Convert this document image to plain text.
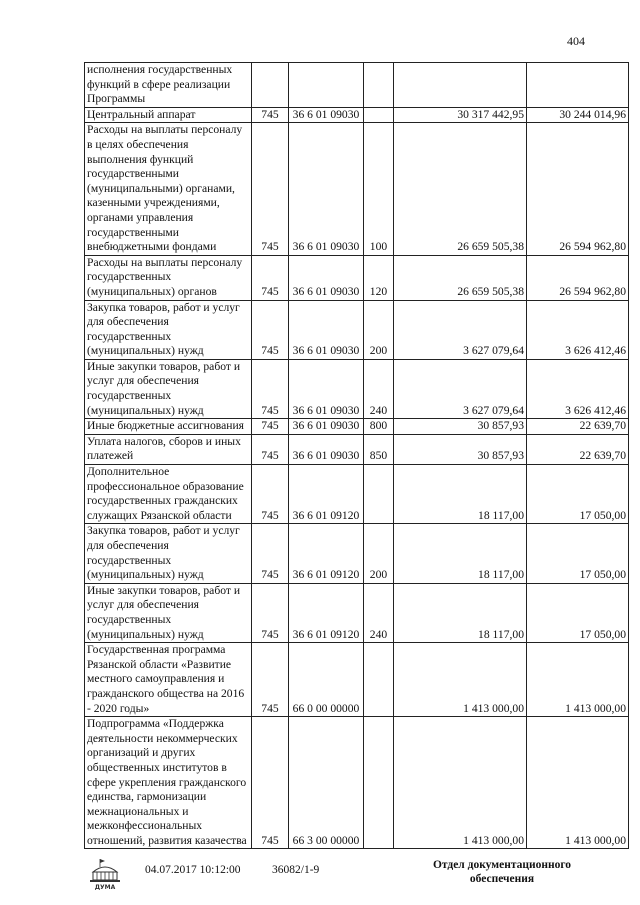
404
исполнения государственных функций в сфере реализации Программы					
Центральный аппарат	745	36 6 01 09030		30 317 442,95	30 244 014,96
Расходы на выплаты персоналу в целях обеспечения выполнения функций государственными (муниципальными) органами, казенными учреждениями, органами управления государственными внебюджетными фондами	745	36 6 01 09030	100	26 659 505,38	26 594 962,80
Расходы на выплаты персоналу государственных (муниципальных) органов	745	36 6 01 09030	120	26 659 505,38	26 594 962,80
Закупка товаров, работ и услуг для обеспечения государственных (муниципальных) нужд	745	36 6 01 09030	200	3 627 079,64	3 626 412,46
Иные закупки товаров, работ и услуг для обеспечения государственных (муниципальных) нужд	745	36 6 01 09030	240	3 627 079,64	3 626 412,46
Иные бюджетные ассигнования	745	36 6 01 09030	800	30 857,93	22 639,70
Уплата налогов, сборов и иных платежей	745	36 6 01 09030	850	30 857,93	22 639,70
Дополнительное профессиональное образование государственных гражданских служащих Рязанской области	745	36 6 01 09120		18 117,00	17 050,00
Закупка товаров, работ и услуг для обеспечения государственных (муниципальных) нужд	745	36 6 01 09120	200	18 117,00	17 050,00
Иные закупки товаров, работ и услуг для обеспечения государственных (муниципальных) нужд	745	36 6 01 09120	240	18 117,00	17 050,00
Государственная программа Рязанской области «Развитие местного самоуправления и гражданского общества на 2016 - 2020 годы»	745	66 0 00 00000		1 413 000,00	1 413 000,00
Подпрограмма «Поддержка деятельности некоммерческих организаций и других общественных институтов в сфере укрепления гражданского единства, гармонизации межнациональных и межконфессиональных отношений, развития казачества	745	66 3 00 00000		1 413 000,00	1 413 000,00
ДУМА
04.07.2017 10:12:00	36082/1-9	Отдел документационного обеспечения
